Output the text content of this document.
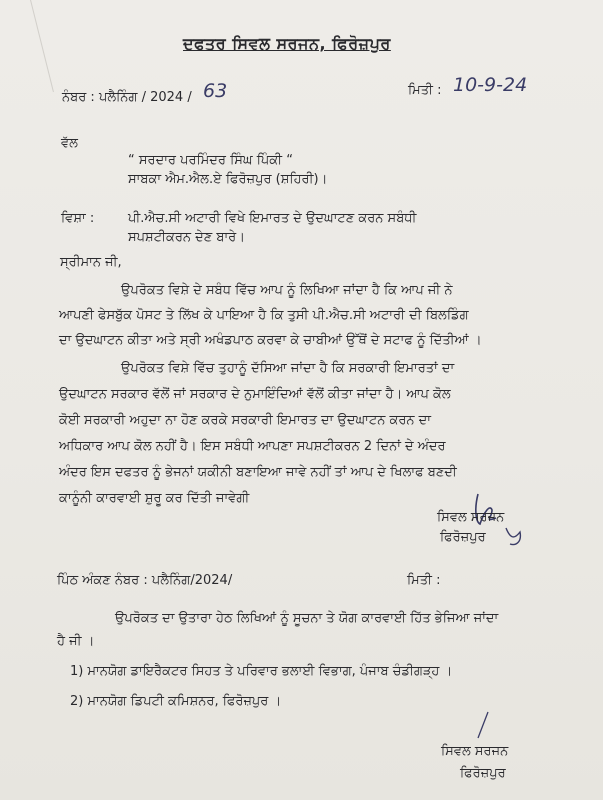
ਦਫਤਰ ਸਿਵਲ ਸਰਜਨ, ਫਿਰੋਜ਼ਪੁਰ
ਨੰਬਰ : ਪਲੈਨਿੰਗ / 2024 / 63	ਮਿਤੀ : 10-9-24
ਵੱਲ
“ ਸਰਦਾਰ ਪਰਮਿੰਦਰ ਸਿੰਘ ਪਿੰਕੀ “
ਸਾਬਕਾ ਐਮ.ਐਲ.ਏ ਫਿਰੋਜ਼ਪੁਰ (ਸ਼ਹਿਰੀ)।
ਵਿਸ਼ਾ :	ਪੀ.ਐਚ.ਸੀ ਅਟਾਰੀ ਵਿਖੇ ਇਮਾਰਤ ਦੇ ਉਦਘਾਟਣ ਕਰਨ ਸਬੰਧੀ
ਸਪਸ਼ਟੀਕਰਨ ਦੇਣ ਬਾਰੇ।
ਸ੍ਰੀਮਾਨ ਜੀ,
ਉਪਰੋਕਤ ਵਿਸ਼ੇ ਦੇ ਸਬੰਧ ਵਿੱਚ ਆਪ ਨੂੰ ਲਿਖਿਆ ਜਾਂਦਾ ਹੈ ਕਿ ਆਪ ਜੀ ਨੇ
ਆਪਣੀ ਫੇਸਬੁੱਕ ਪੋਸਟ ਤੇ ਲਿੱਖ ਕੇ ਪਾਇਆ ਹੈ ਕਿ ਤੁਸੀ ਪੀ.ਐਚ.ਸੀ ਅਟਾਰੀ ਦੀ ਬਿਲਡਿੰਗ
ਦਾ ਉਦਘਾਟਨ ਕੀਤਾ ਅਤੇ ਸ੍ਰੀ ਅਖੰਡਪਾਠ ਕਰਵਾ ਕੇ ਚਾਬੀਆਂ ਉੱਥੋਂ ਦੇ ਸਟਾਫ ਨੂੰ ਦਿੱਤੀਆਂ ।
ਉਪਰੋਕਤ ਵਿਸ਼ੇ ਵਿੱਚ ਤੁਹਾਨੂੰ ਦੱਸਿਆ ਜਾਂਦਾ ਹੈ ਕਿ ਸਰਕਾਰੀ ਇਮਾਰਤਾਂ ਦਾ
ਉਦਘਾਟਨ ਸਰਕਾਰ ਵੱਲੋਂ ਜਾਂ ਸਰਕਾਰ ਦੇ ਨੁਮਾਇੰਦਿਆਂ ਵੱਲੋਂ ਕੀਤਾ ਜਾਂਦਾ ਹੈ। ਆਪ ਕੋਲ
ਕੋਈ ਸਰਕਾਰੀ ਅਹੁਦਾ ਨਾ ਹੋਣ ਕਰਕੇ ਸਰਕਾਰੀ ਇਮਾਰਤ ਦਾ ਉਦਘਾਟਨ ਕਰਨ ਦਾ
ਅਧਿਕਾਰ ਆਪ ਕੋਲ ਨਹੀਂ ਹੈ। ਇਸ ਸਬੰਧੀ ਆਪਣਾ ਸਪਸ਼ਟੀਕਰਨ 2 ਦਿਨਾਂ ਦੇ ਅੰਦਰ
ਅੰਦਰ ਇਸ ਦਫਤਰ ਨੂੰ ਭੇਜਨਾਂ ਯਕੀਨੀ ਬਣਾਇਆ ਜਾਵੇ ਨਹੀਂ ਤਾਂ ਆਪ ਦੇ ਖਿਲਾਫ ਬਣਦੀ
ਕਾਨੂੰਨੀ ਕਾਰਵਾਈ ਸ਼ੁਰੂ ਕਰ ਦਿੱਤੀ ਜਾਵੇਗੀ
ਸਿਵਲ ਸਰਜਨ
ਫਿਰੋਜ਼ਪੁਰ
ਪਿੰਠ ਅੰਕਣ ਨੰਬਰ : ਪਲੈਨਿੰਗ/2024/	ਮਿਤੀ :
ਉਪਰੋਕਤ ਦਾ ਉਤਾਰਾ ਹੇਠ ਲਿਖਿਆਂ ਨੂੰ ਸੂਚਨਾ ਤੇ ਯੋਗ ਕਾਰਵਾਈ ਹਿੱਤ ਭੇਜਿਆ ਜਾਂਦਾ
ਹੈ ਜੀ ।
1) ਮਾਨਯੋਗ ਡਾਇਰੈਕਟਰ ਸਿਹਤ ਤੇ ਪਰਿਵਾਰ ਭਲਾਈ ਵਿਭਾਗ, ਪੰਜਾਬ ਚੰਡੀਗੜ੍ਹ ।
2) ਮਾਨਯੋਗ ਡਿਪਟੀ ਕਮਿਸ਼ਨਰ, ਫਿਰੋਜ਼ਪੁਰ ।
ਸਿਵਲ ਸਰਜਨ
ਫਿਰੋਜ਼ਪੁਰ
